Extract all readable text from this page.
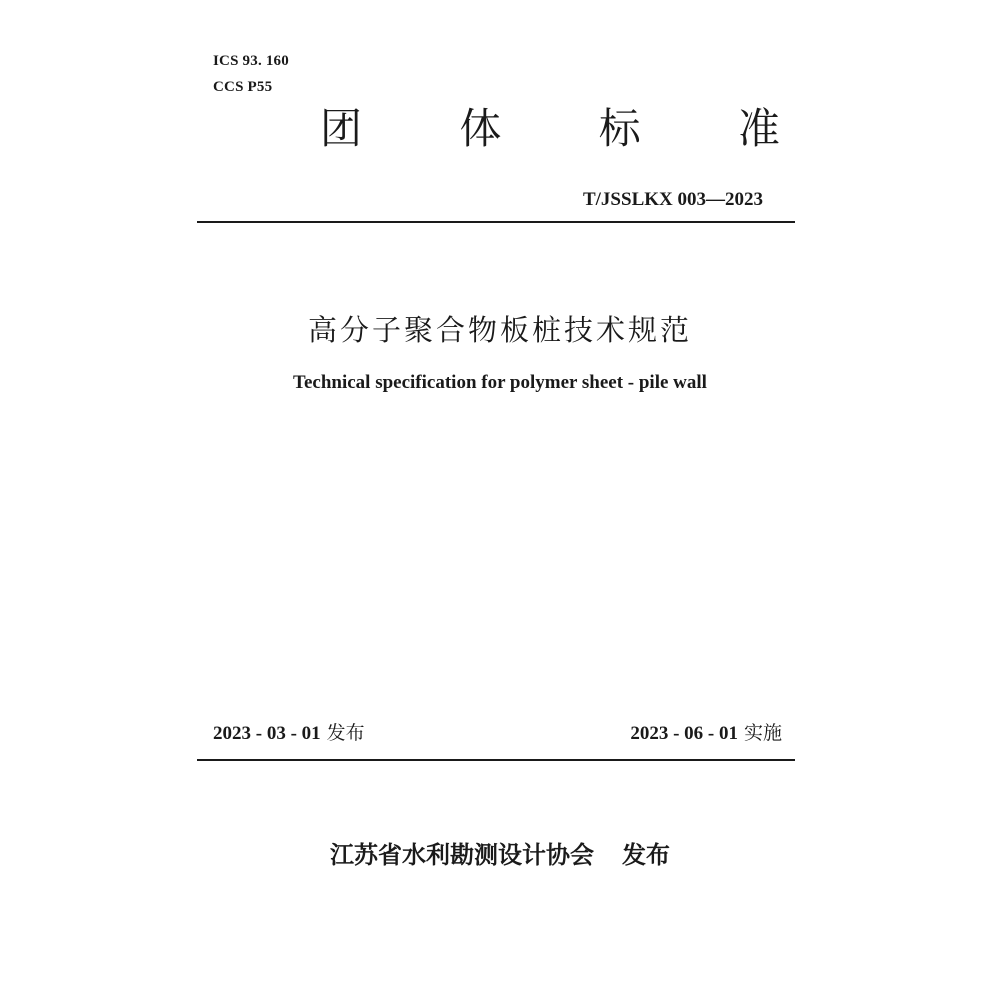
ICS 93. 160
CCS P55
团 体 标 准
T/JSSLKX 003—2023
高分子聚合物板桩技术规范
Technical specification for polymer sheet - pile wall
2023 - 03 - 01 发布	2023 - 06 - 01 实施
江苏省水利勘测设计协会 发布
